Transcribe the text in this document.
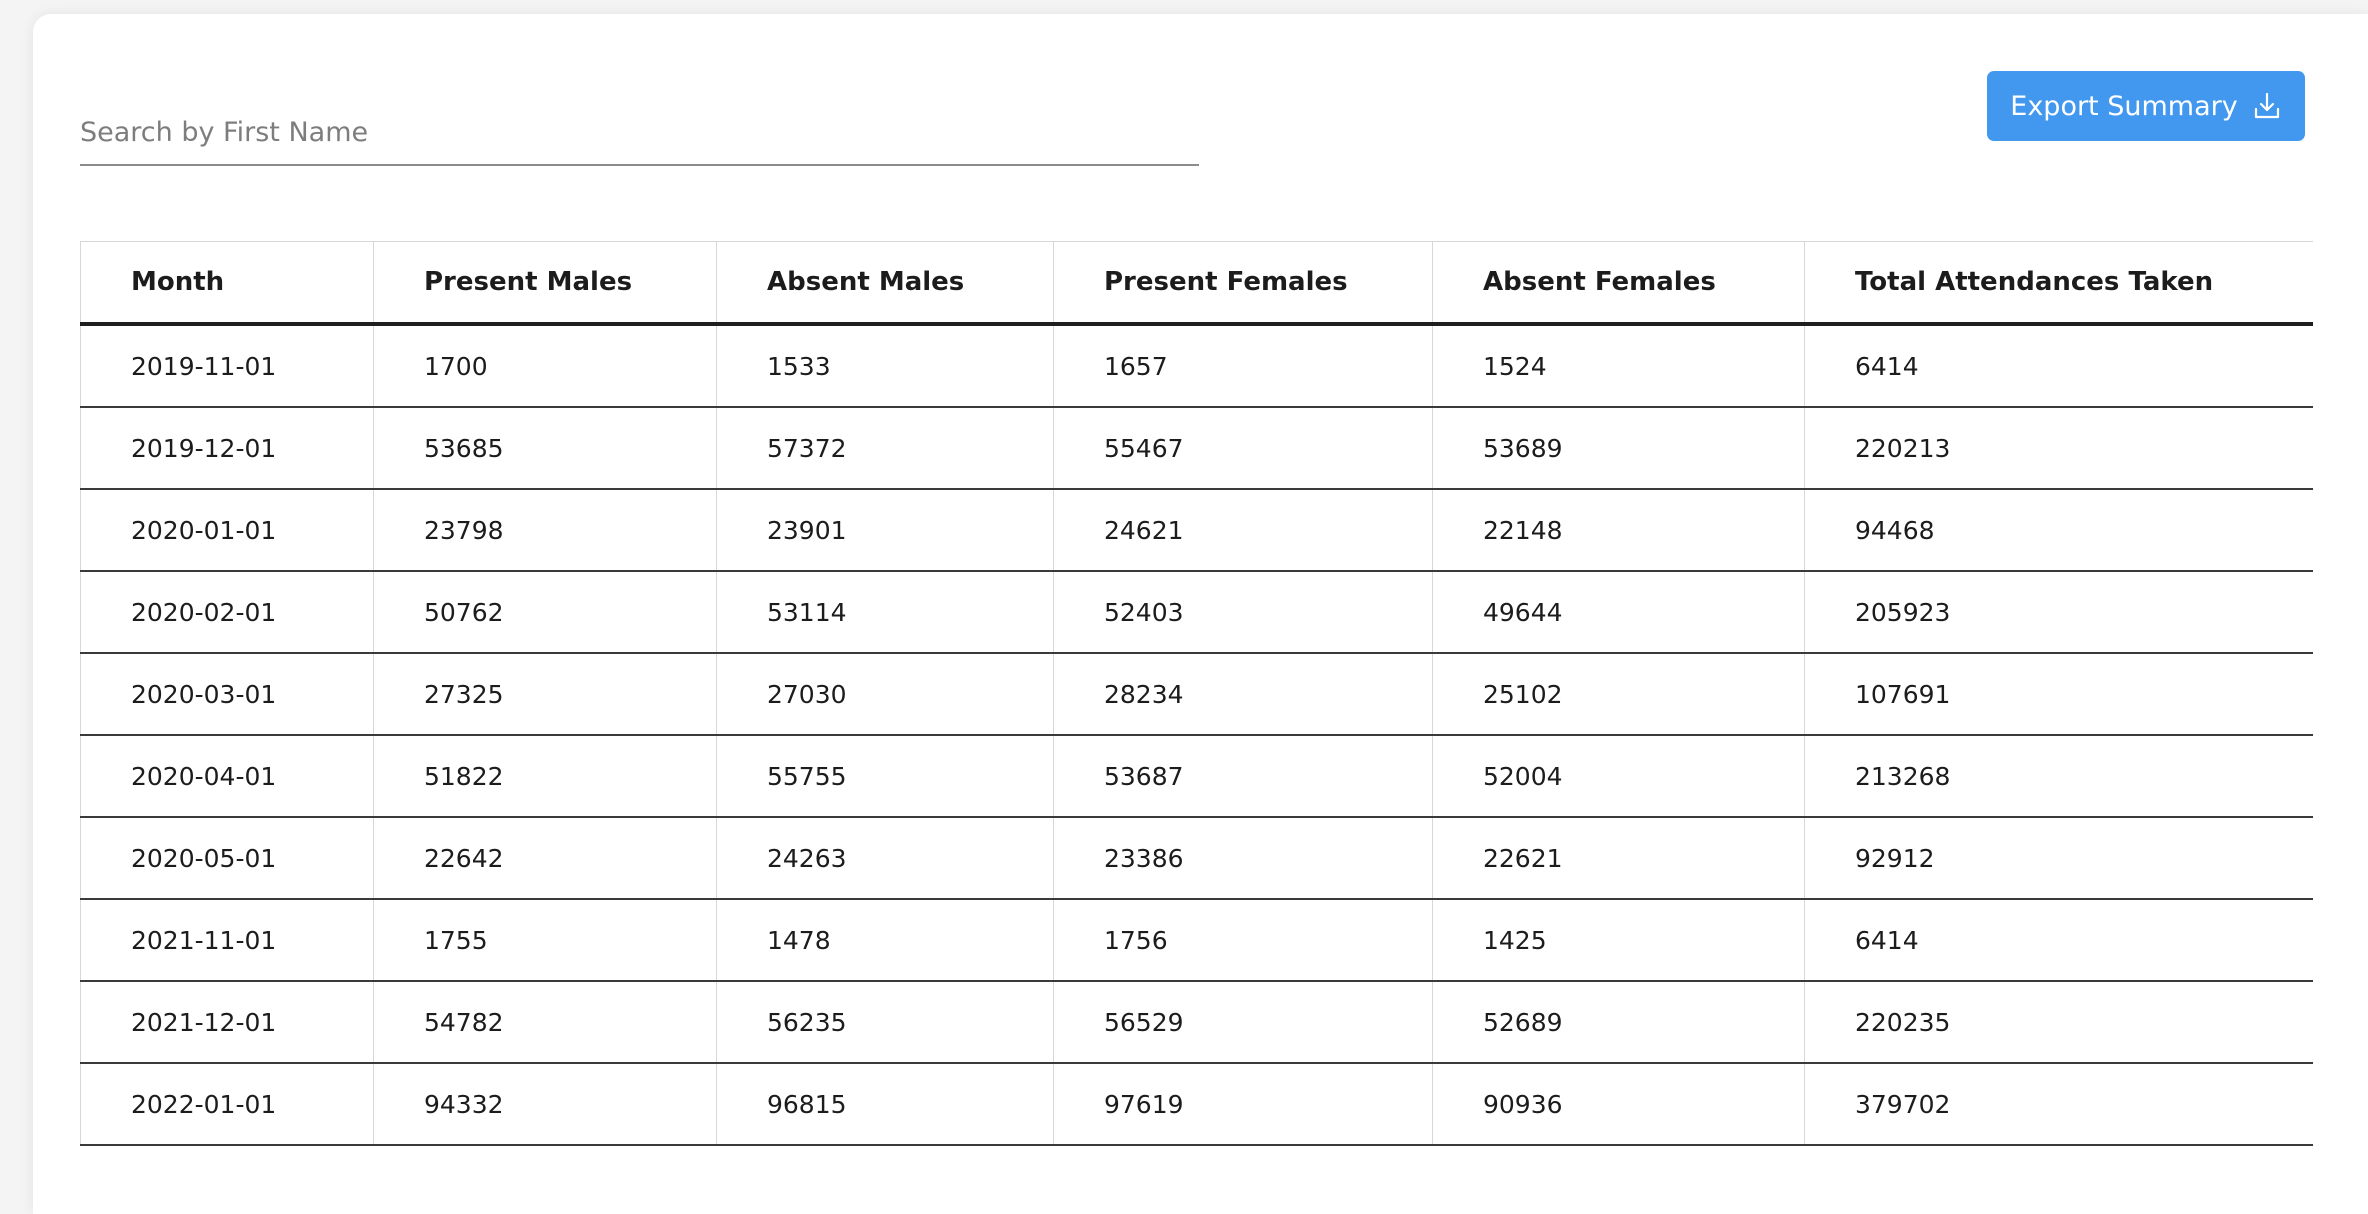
Search by First Name
Export Summary
Month	Present Males	Absent Males	Present Females	Absent Females	Total Attendances Taken
2019-11-01	1700	1533	1657	1524	6414
2019-12-01	53685	57372	55467	53689	220213
2020-01-01	23798	23901	24621	22148	94468
2020-02-01	50762	53114	52403	49644	205923
2020-03-01	27325	27030	28234	25102	107691
2020-04-01	51822	55755	53687	52004	213268
2020-05-01	22642	24263	23386	22621	92912
2021-11-01	1755	1478	1756	1425	6414
2021-12-01	54782	56235	56529	52689	220235
2022-01-01	94332	96815	97619	90936	379702
